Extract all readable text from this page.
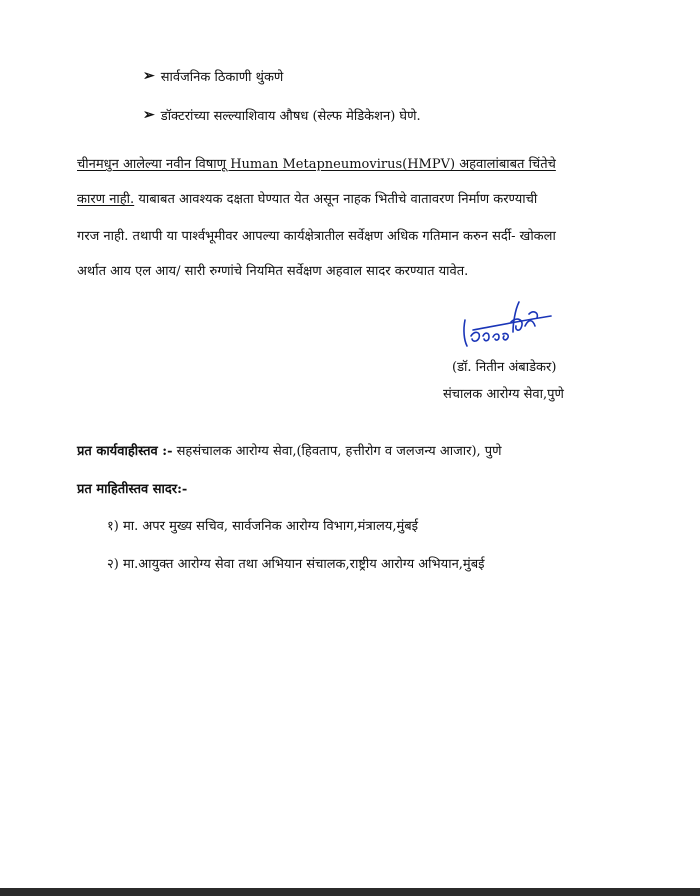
➢ सार्वजनिक ठिकाणी थुंकणे
➢ डॉक्टरांच्या सल्ल्याशिवाय औषध (सेल्फ मेडिकेशन) घेणे.
चीनमधुन आलेल्या नवीन विषाणू Human Metapneumovirus(HMPV) अहवालांबाबत चिंतेचे
कारण नाही. याबाबत आवश्यक दक्षता घेण्यात येत असून नाहक भितीचे वातावरण निर्माण करण्याची
गरज नाही. तथापी या पार्श्वभूमीवर आपल्या कार्यक्षेत्रातील सर्वेक्षण अधिक गतिमान करुन सर्दी- खोकला
अर्थात आय एल आय/ सारी रुग्णांचे नियमित सर्वेक्षण अहवाल सादर करण्यात यावेत.
(डॉ. नितीन अंबाडेकर)
संचालक आरोग्य सेवा,पुणे
प्रत कार्यवाहीस्तव :- सहसंचालक आरोग्य सेवा,(हिवताप, हत्तीरोग व जलजन्य आजार), पुणे
प्रत माहितीस्तव सादर:-
१) मा. अपर मुख्य सचिव, सार्वजनिक आरोग्य विभाग,मंत्रालय,मुंबई
२) मा.आयुक्त आरोग्य सेवा तथा अभियान संचालक,राष्ट्रीय आरोग्य अभियान,मुंबई
